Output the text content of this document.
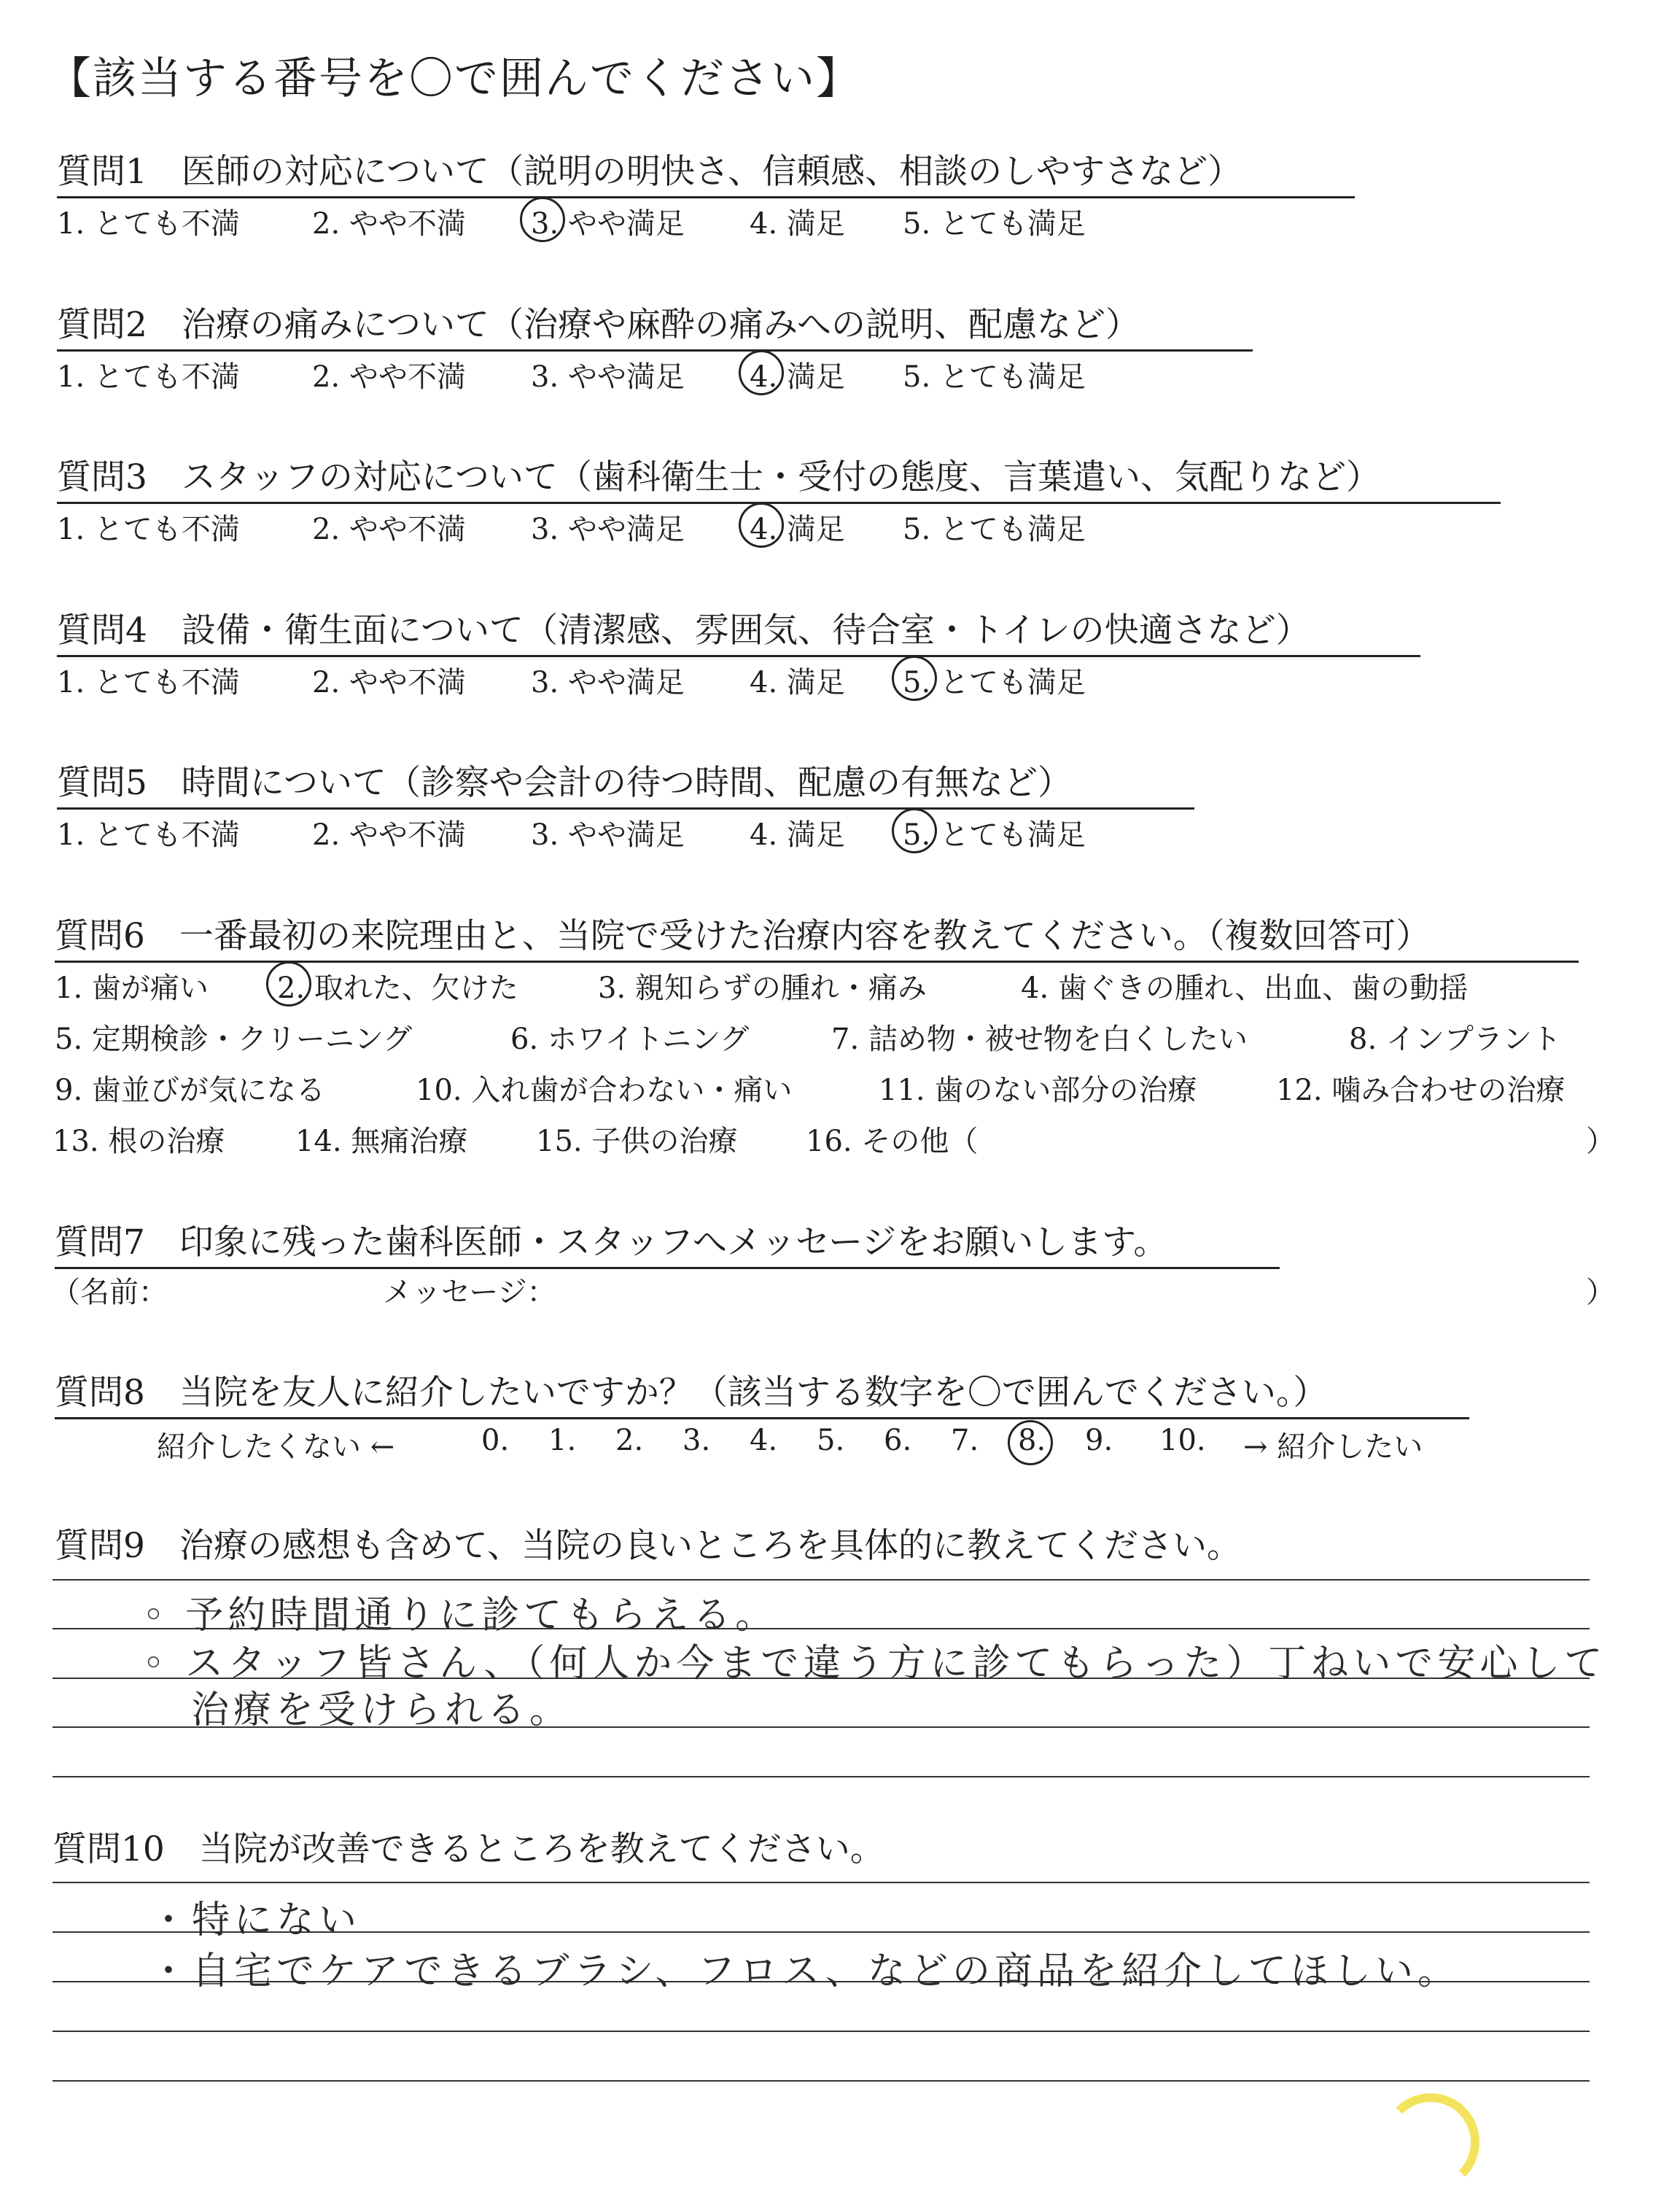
【該当する番号を〇で囲んでください】
質問1　医師の対応について（説明の明快さ、信頼感、相談のしやすさなど）
1. とても不満 2. やや不満 3. やや満足 4. 満足 5. とても満足
質問2　治療の痛みについて（治療や麻酔の痛みへの説明、配慮など）
1. とても不満 2. やや不満 3. やや満足 4. 満足 5. とても満足
質問3　スタッフの対応について（歯科衛生士・受付の態度、言葉遣い、気配りなど）
1. とても不満 2. やや不満 3. やや満足 4. 満足 5. とても満足
質問4　設備・衛生面について（清潔感、雰囲気、待合室・トイレの快適さなど）
1. とても不満 2. やや不満 3. やや満足 4. 満足 5. とても満足
質問5　時間について（診察や会計の待つ時間、配慮の有無など）
1. とても不満 2. やや不満 3. やや満足 4. 満足 5. とても満足
質問6　一番最初の来院理由と、当院で受けた治療内容を教えてください。（複数回答可）
1. 歯が痛い 2. 取れた、欠けた	3. 親知らずの腫れ・痛み	4. 歯ぐきの腫れ、出血、歯の動揺
5. 定期検診・クリーニング	6. ホワイトニング	7. 詰め物・被せ物を白くしたい	8. インプラント
9. 歯並びが気になる	10. 入れ歯が合わない・痛い	11. 歯のない部分の治療	12. 噛み合わせの治療
13. 根の治療 14. 無痛治療 15. 子供の治療 16. その他（	）
質問7　印象に残った歯科医師・スタッフへメッセージをお願いします。
（名前：	メッセージ：	）
質問8　当院を友人に紹介したいですか？（該当する数字を〇で囲んでください。）
紹介したくない ←	0. 1. 2. 3. 4. 5. 6. 7. 8. 9. 10. → 紹介したい
質問9　治療の感想も含めて、当院の良いところを具体的に教えてください。
◦ 予約時間通りに診てもらえる。
◦ スタッフ皆さん、（何人か今まで違う方に診てもらった）丁ねいで安心して
治療を受けられる。
質問10　当院が改善できるところを教えてください。
・特にない
・自宅でケアできるブラシ、フロス、などの商品を紹介してほしい。
